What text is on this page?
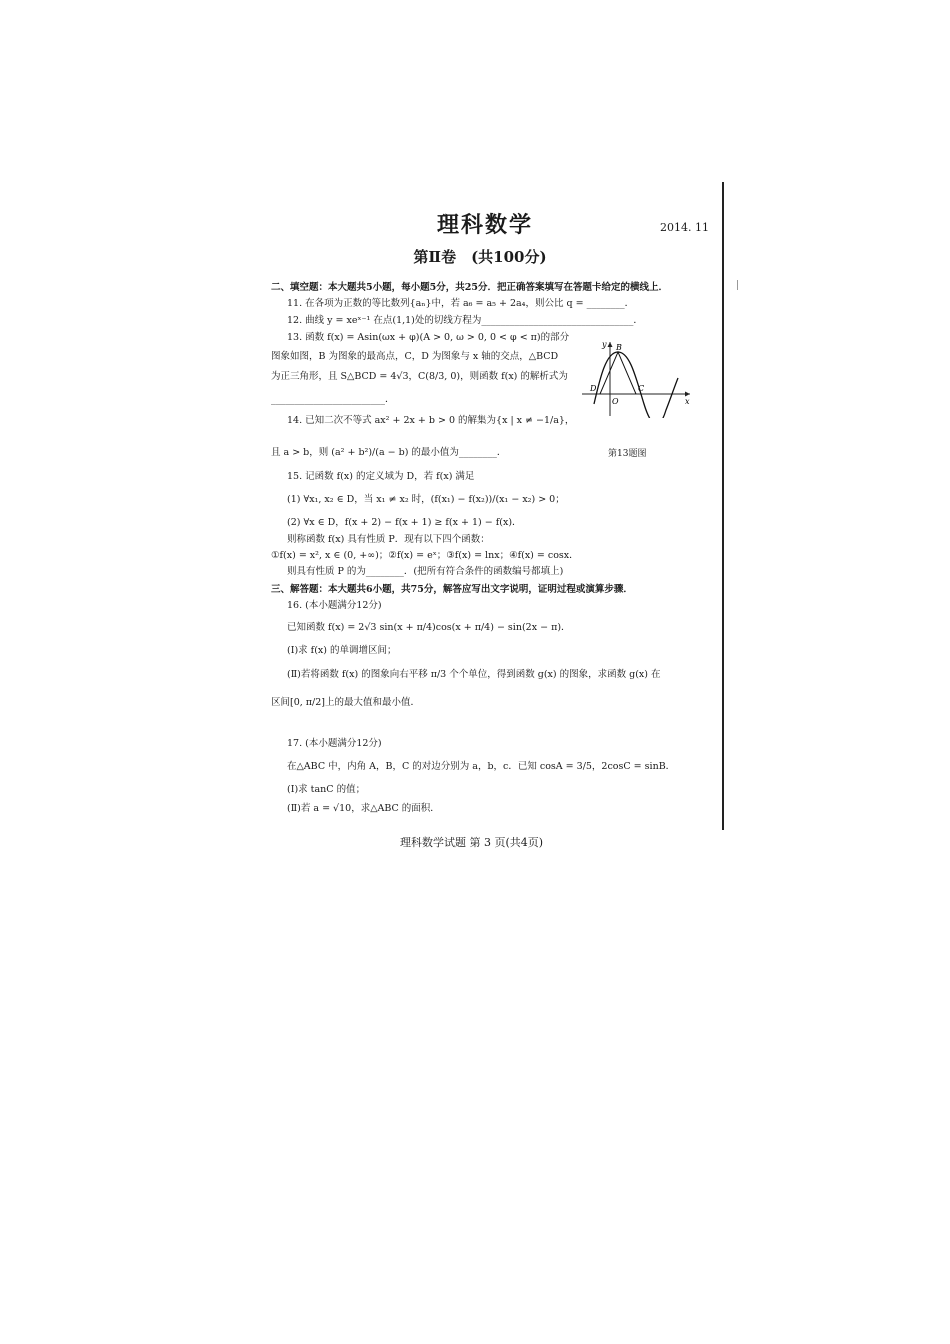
理科数学	2014. 11
第Ⅱ卷　(共100分)
二、填空题：本大题共5小题，每小题5分，共25分．把正确答案填写在答题卡给定的横线上．
11. 在各项为正数的等比数列{aₙ}中，若 a₆ = a₅ + 2a₄，则公比 q = ________．
12. 曲线 y = xeˣ⁻¹ 在点(1,1)处的切线方程为________________________________．
13. 函数 f(x) = Asin(ωx + φ)(A > 0, ω > 0, 0 < φ < π)的部分
图象如图，B 为图象的最高点，C，D 为图象与 x 轴的交点，△BCD
为正三角形，且 S△BCD = 4√3，C(8/3, 0)，则函数 f(x) 的解析式为
________________________．
14. 已知二次不等式 ax² + 2x + b > 0 的解集为{x | x ≠ −1/a}，
且 a > b，则 (a² + b²)/(a − b) 的最小值为________．
15. 记函数 f(x) 的定义域为 D，若 f(x) 满足
(1) ∀x₁, x₂ ∈ D，当 x₁ ≠ x₂ 时，(f(x₁) − f(x₂))/(x₁ − x₂) > 0；
(2) ∀x ∈ D，f(x + 2) − f(x + 1) ≥ f(x + 1) − f(x)．
则称函数 f(x) 具有性质 P．现有以下四个函数：
①f(x) = x², x ∈ (0, +∞)；②f(x) = eˣ；③f(x) = lnx；④f(x) = cosx．
则具有性质 P 的为________．(把所有符合条件的函数编号都填上)
三、解答题：本大题共6小题，共75分，解答应写出文字说明，证明过程或演算步骤．
16. (本小题满分12分)
已知函数 f(x) = 2√3 sin(x + π/4)cos(x + π/4) − sin(2x − π)．
(Ⅰ)求 f(x) 的单调增区间；
(Ⅱ)若将函数 f(x) 的图象向右平移 π/3 个个单位，得到函数 g(x) 的图象，求函数 g(x) 在
区间[0, π/2]上的最大值和最小值．
17. (本小题满分12分)
在△ABC 中，内角 A，B，C 的对边分别为 a，b，c．已知 cosA = 3/5，2cosC = sinB．
(Ⅰ)求 tanC 的值；
(Ⅱ)若 a = √10，求△ABC 的面积．
y
x
O
B
C
D
第13题图
理科数学试题 第 3 页(共4页)
